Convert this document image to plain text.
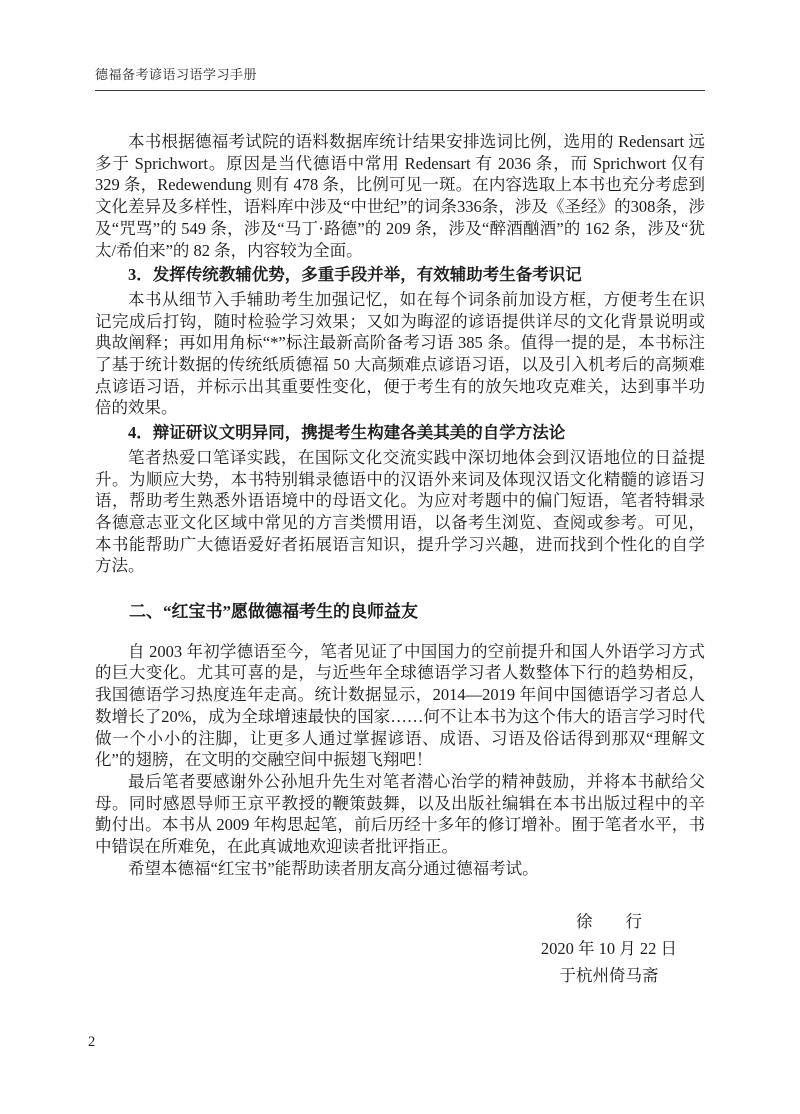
德福备考谚语习语学习手册

本书根据德福考试院的语料数据库统计结果安排选词比例，选用的 Redensart 远多于 Sprichwort。原因是当代德语中常用 Redensart 有 2036 条，而 Sprichwort 仅有 329 条，Redewendung 则有 478 条，比例可见一斑。在内容选取上本书也充分考虑到文化差异及多样性，语料库中涉及“中世纪”的词条336条，涉及《圣经》的308条，涉及“咒骂”的 549 条，涉及“马丁·路德”的 209 条，涉及“醉酒酗酒”的 162 条，涉及“犹太/希伯来”的 82 条，内容较为全面。

3．发挥传统教辅优势，多重手段并举，有效辅助考生备考识记

本书从细节入手辅助考生加强记忆，如在每个词条前加设方框，方便考生在识记完成后打钩，随时检验学习效果；又如为晦涩的谚语提供详尽的文化背景说明或典故阐释；再如用角标“*”标注最新高阶备考习语 385 条。值得一提的是，本书标注了基于统计数据的传统纸质德福 50 大高频难点谚语习语，以及引入机考后的高频难点谚语习语，并标示出其重要性变化，便于考生有的放矢地攻克难关，达到事半功倍的效果。

4．辩证研议文明异同，携提考生构建各美其美的自学方法论

笔者热爱口笔译实践，在国际文化交流实践中深切地体会到汉语地位的日益提升。为顺应大势，本书特别辑录德语中的汉语外来词及体现汉语文化精髓的谚语习语，帮助考生熟悉外语语境中的母语文化。为应对考题中的偏门短语，笔者特辑录各德意志亚文化区域中常见的方言类惯用语，以备考生浏览、查阅或参考。可见，本书能帮助广大德语爱好者拓展语言知识，提升学习兴趣，进而找到个性化的自学方法。

二、“红宝书”愿做德福考生的良师益友

自 2003 年初学德语至今，笔者见证了中国国力的空前提升和国人外语学习方式的巨大变化。尤其可喜的是，与近些年全球德语学习者人数整体下行的趋势相反，我国德语学习热度连年走高。统计数据显示，2014—2019 年间中国德语学习者总人数增长了20%，成为全球增速最快的国家……何不让本书为这个伟大的语言学习时代做一个小小的注脚，让更多人通过掌握谚语、成语、习语及俗话得到那双“理解文化”的翅膀，在文明的交融空间中振翅飞翔吧！

最后笔者要感谢外公孙旭升先生对笔者潜心治学的精神鼓励，并将本书献给父母。同时感恩导师王京平教授的鞭策鼓舞，以及出版社编辑在本书出版过程中的辛勤付出。本书从 2009 年构思起笔，前后历经十多年的修订增补。囿于笔者水平，书中错误在所难免，在此真诚地欢迎读者批评指正。

希望本德福“红宝书”能帮助读者朋友高分通过德福考试。

徐　　行
2020 年 10 月 22 日
于杭州倚马斋
2
